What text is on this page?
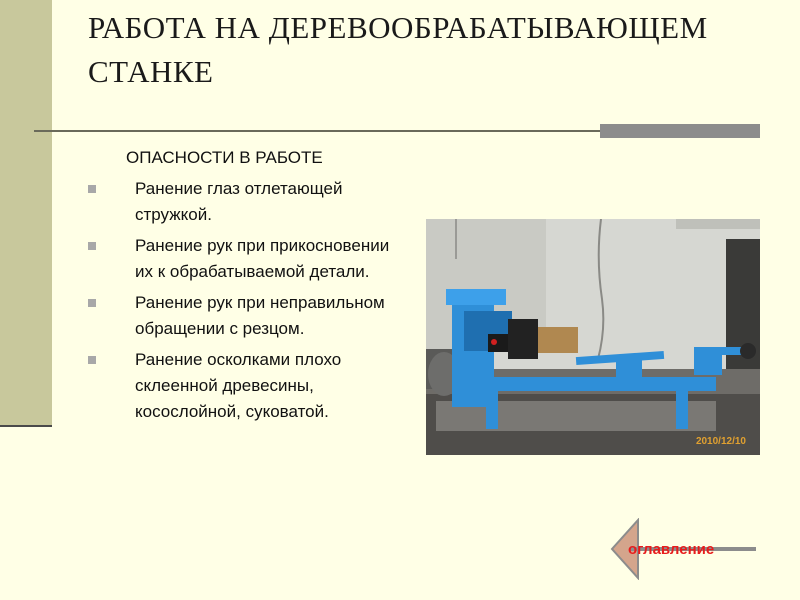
РАБОТА НА ДЕРЕВООБРАБАТЫВАЮЩЕМ СТАНКЕ
ОПАСНОСТИ В РАБОТЕ
Ранение глаз отлетающей стружкой.
Ранение рук при прикосновении их к обрабатываемой детали.
Ранение рук при неправильном обращении с резцом.
Ранение осколками плохо склеенной древесины, косослойной, суковатой.
2010/12/10
оглавление
